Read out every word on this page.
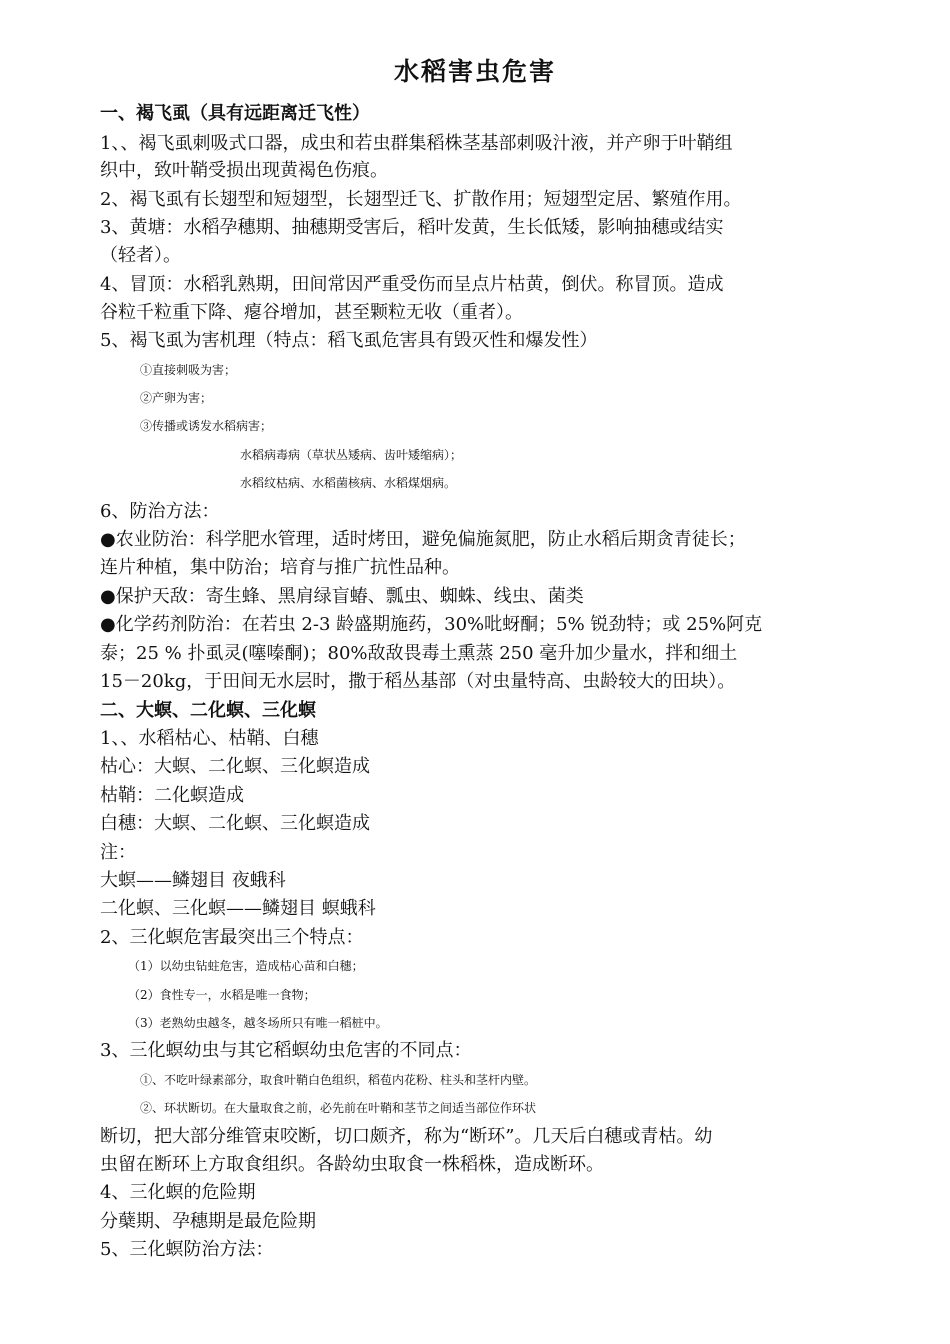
水稻害虫危害
一、褐飞虱（具有远距离迁飞性）
1、、褐飞虱刺吸式口器，成虫和若虫群集稻株茎基部刺吸汁液，并产卵于叶鞘组
织中，致叶鞘受损出现黄褐色伤痕。
2、褐飞虱有长翅型和短翅型，长翅型迁飞、扩散作用；短翅型定居、繁殖作用。
3、黄塘：水稻孕穗期、抽穗期受害后，稻叶发黄，生长低矮，影响抽穗或结实
（轻者）。
4、冒顶：水稻乳熟期，田间常因严重受伤而呈点片枯黄，倒伏。称冒顶。造成
谷粒千粒重下降、瘪谷增加，甚至颗粒无收（重者）。
5、褐飞虱为害机理（特点：稻飞虱危害具有毁灭性和爆发性）
①直接刺吸为害；
②产卵为害；
③传播或诱发水稻病害；
水稻病毒病（草状丛矮病、齿叶矮缩病）；
水稻纹枯病、水稻菌核病、水稻煤烟病。
6、防治方法：
●农业防治：科学肥水管理，适时烤田，避免偏施氮肥，防止水稻后期贪青徒长；
连片种植，集中防治；培育与推广抗性品种。
●保护天敌：寄生蜂、黑肩绿盲蝽、瓢虫、蜘蛛、线虫、菌类
●化学药剂防治：在若虫 2-3 龄盛期施药，30%吡蚜酮；5% 锐劲特；或 25%阿克
泰；25 % 扑虱灵(噻嗪酮)；80%敌敌畏毒土熏蒸 250 毫升加少量水，拌和细土
15－20kg，于田间无水层时，撒于稻丛基部（对虫量特高、虫龄较大的田块）。
二、大螟、二化螟、三化螟
1、、水稻枯心、枯鞘、白穗
枯心：大螟、二化螟、三化螟造成
枯鞘：二化螟造成
白穗：大螟、二化螟、三化螟造成
注：
大螟——鳞翅目 夜蛾科
二化螟、三化螟——鳞翅目 螟蛾科
2、三化螟危害最突出三个特点：
（1）以幼虫钻蛀危害，造成枯心苗和白穗；
（2）食性专一，水稻是唯一食物；
（3）老熟幼虫越冬，越冬场所只有唯一稻桩中。
3、三化螟幼虫与其它稻螟幼虫危害的不同点：
①、不吃叶绿素部分，取食叶鞘白色组织，稻苞内花粉、柱头和茎杆内壁。
②、环状断切。在大量取食之前，必先前在叶鞘和茎节之间适当部位作环状
断切，把大部分维管束咬断，切口颇齐，称为“断环”。几天后白穗或青枯。幼
虫留在断环上方取食组织。各龄幼虫取食一株稻株，造成断环。
4、三化螟的危险期
分蘖期、孕穗期是最危险期
5、三化螟防治方法：
